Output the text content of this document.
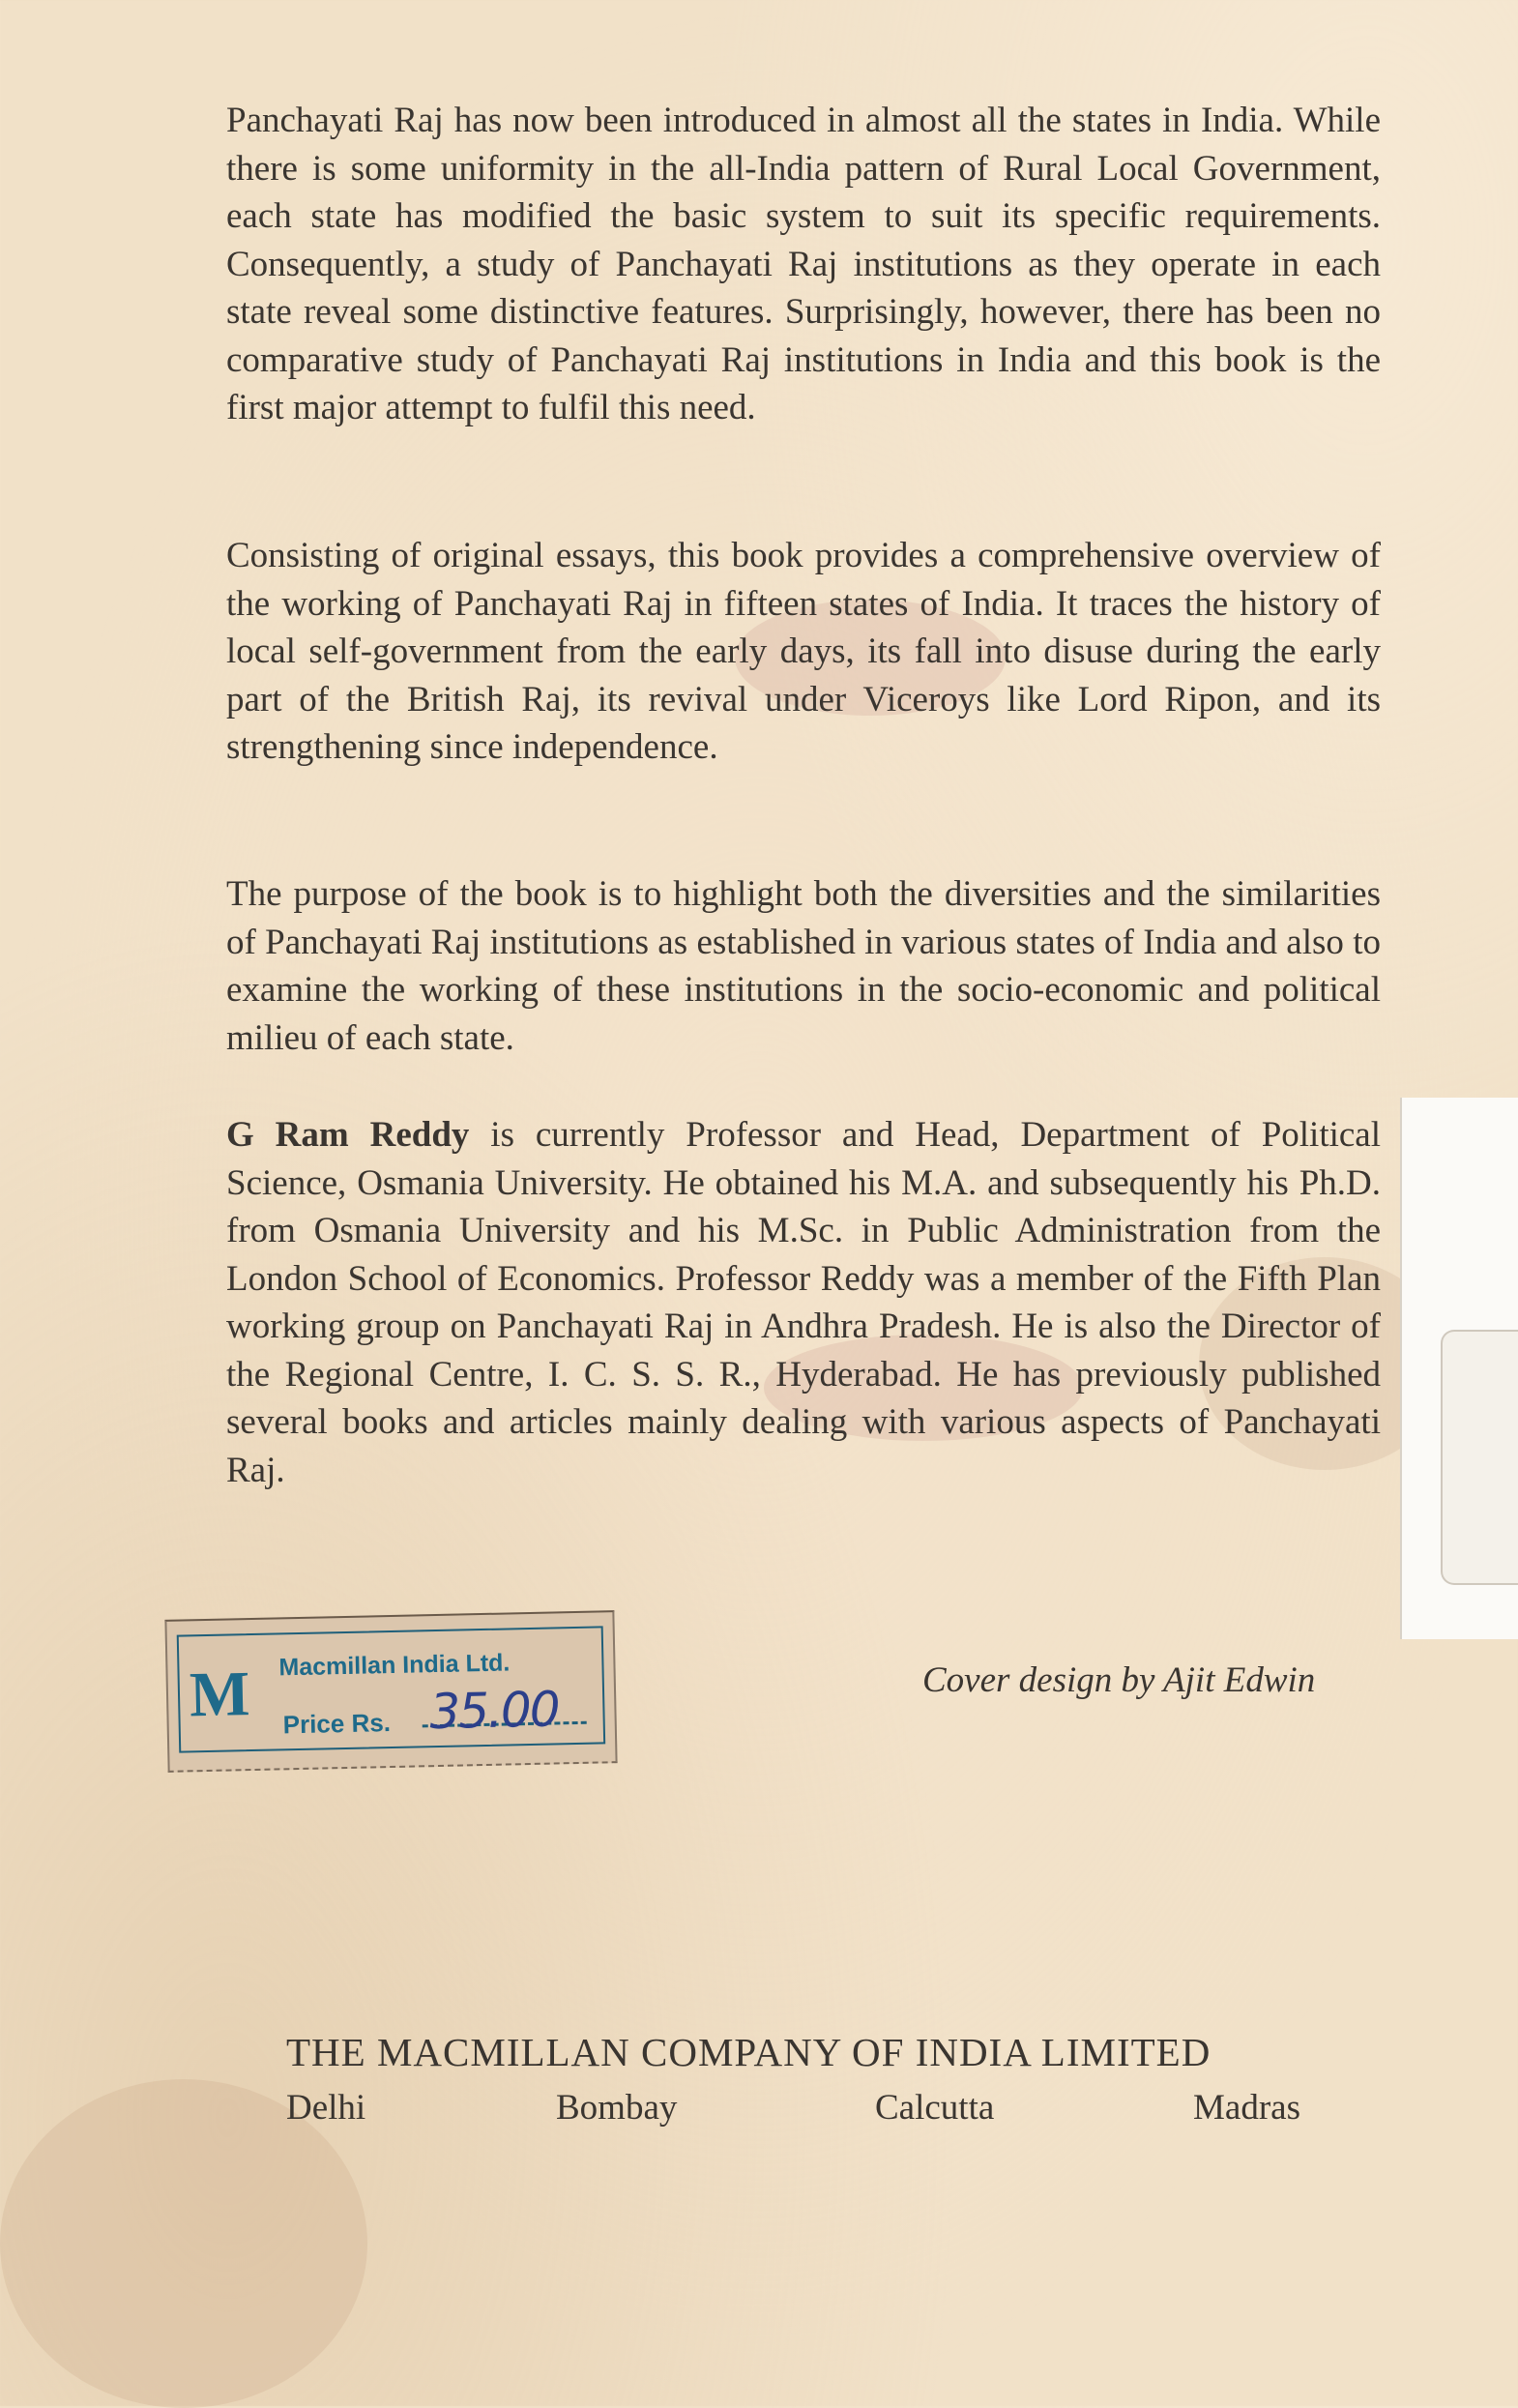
Panchayati Raj has now been introduced in almost all the states in India. While there is some uniformity in the all-India pattern of Rural Local Government, each state has modified the basic system to suit its specific requirements. Consequently, a study of Panchayati Raj institutions as they operate in each state reveal some distinctive features. Surprisingly, however, there has been no comparative study of Panchayati Raj institutions in India and this book is the first major attempt to fulfil this need.

Consisting of original essays, this book provides a comprehensive overview of the working of Panchayati Raj in fifteen states of India. It traces the history of local self-government from the early days, its fall into disuse during the early part of the British Raj, its revival under Viceroys like Lord Ripon, and its strengthening since independence.

The purpose of the book is to highlight both the diversities and the similarities of Panchayati Raj institutions as established in various states of India and also to examine the working of these institutions in the socio-economic and political milieu of each state.

G Ram Reddy is currently Professor and Head, Department of Political Science, Osmania University. He obtained his M.A. and subsequently his Ph.D. from Osmania University and his M.Sc. in Public Administration from the London School of Economics. Professor Reddy was a member of the Fifth Plan working group on Panchayati Raj in Andhra Pradesh. He is also the Director of the Regional Centre, I. C. S. S. R., Hyderabad. He has previously published several books and articles mainly dealing with various aspects of Panchayati Raj.

M Macmillan India Ltd.
Price Rs. 35.00
Cover design by Ajit Edwin
THE MACMILLAN COMPANY OF INDIA LIMITED
Delhi	Bombay	Calcutta	Madras
